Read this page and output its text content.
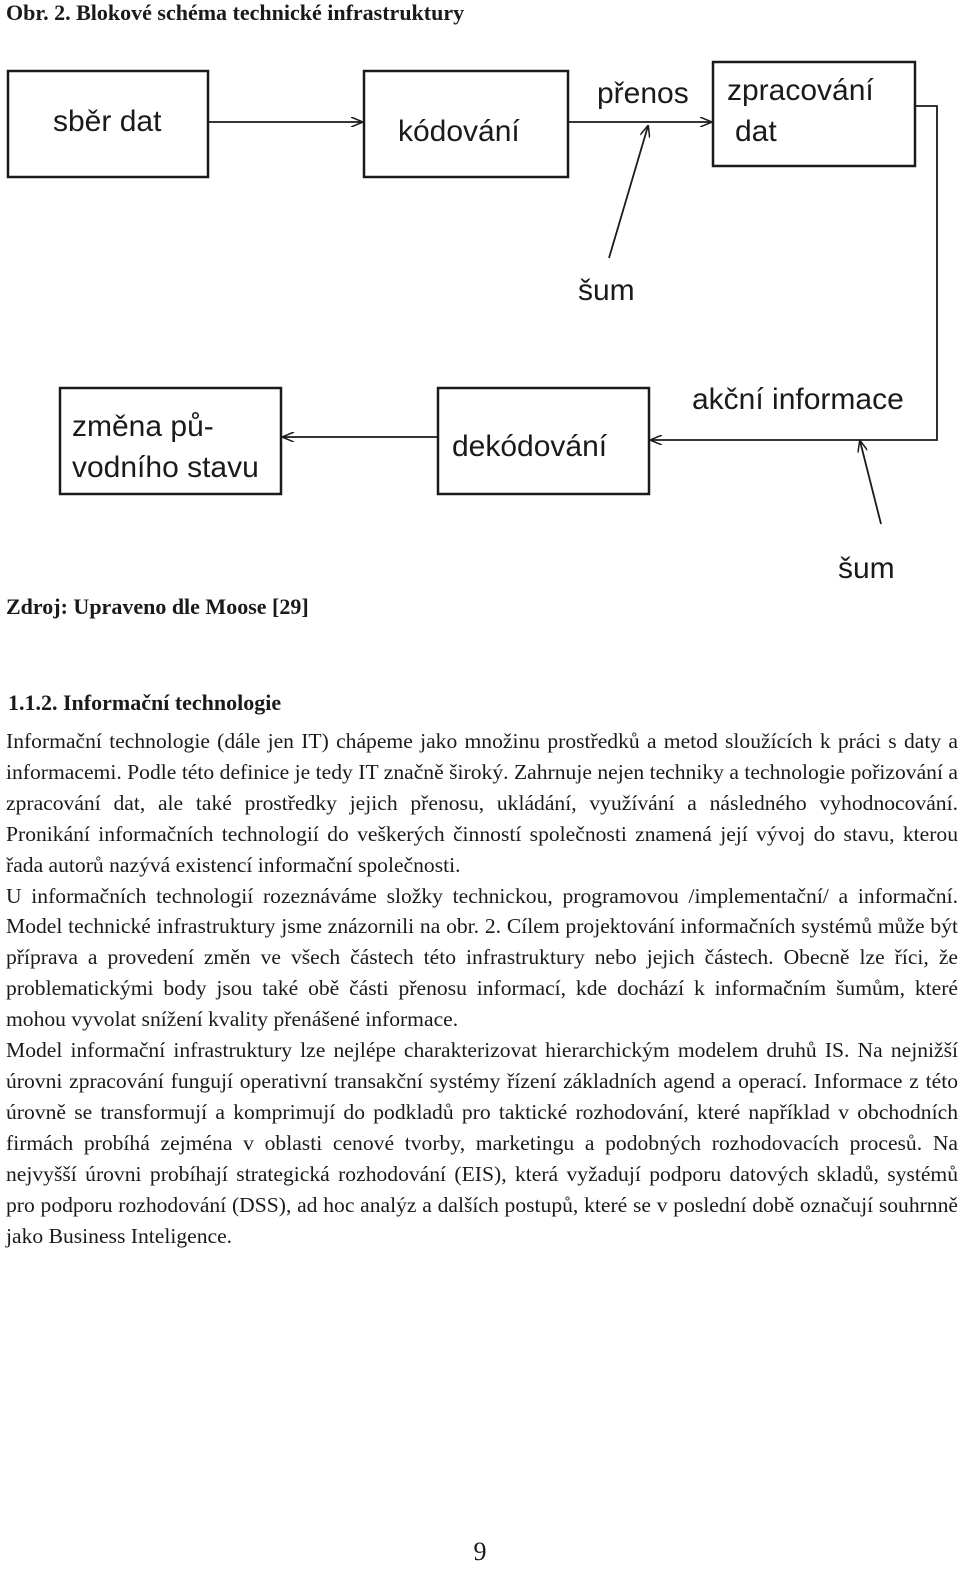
Obr. 2. Blokové schéma technické infrastruktury

sběr dat	kódování
přenos zpracování
dat
šum
změna pů-
vodního stavu
dekódování
akční informace
šum

Zdroj: Upraveno dle Moose [29]

1.1.2. Informační technologie

Informační technologie (dále jen IT) chápeme jako množinu prostředků a metod sloužících k práci s daty a informacemi. Podle této definice je tedy IT značně široký. Zahrnuje nejen techniky a technologie pořizování a zpracování dat, ale také prostředky jejich přenosu, ukládání, využívání a následného vyhodnocování. Pronikání informačních technologií do veškerých činností společnosti znamená její vývoj do stavu, kterou řada autorů nazývá existencí informační společnosti.

U informačních technologií rozeznáváme složky technickou, programovou /implementační/ a informační. Model technické infrastruktury jsme znázornili na obr. 2. Cílem projektování informačních systémů může být příprava a provedení změn ve všech částech této infrastruktury nebo jejich částech. Obecně lze říci, že problematickými body jsou také obě části přenosu informací, kde dochází k informačním šumům, které mohou vyvolat snížení kvality přenášené informace.

Model informační infrastruktury lze nejlépe charakterizovat hierarchickým modelem druhů IS. Na nejnižší úrovni zpracování fungují operativní transakční systémy řízení základních agend a operací. Informace z této úrovně se transformují a komprimují do podkladů pro taktické rozhodování, které například v obchodních firmách probíhá zejména v oblasti cenové tvorby, marketingu a podobných rozhodovacích procesů. Na nejvyšší úrovni probíhají strategická rozhodování (EIS), která vyžadují podporu datových skladů, systémů pro podporu rozhodování (DSS), ad hoc analýz a dalších postupů, které se v poslední době označují souhrnně jako Business Inteligence.

9
